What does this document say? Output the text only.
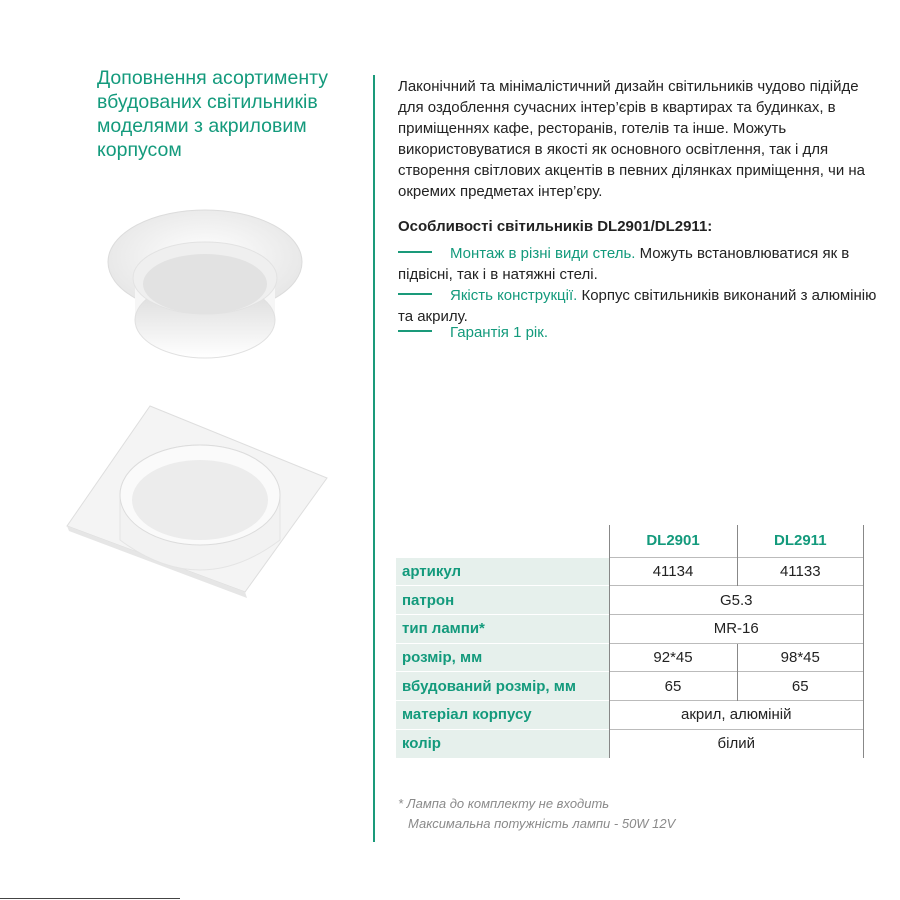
Доповнення асортименту вбудованих світильників моделями з акриловим корпусом
Лаконічний та мінімалістичний дизайн світильників чудово підійде для оздоблення сучасних інтер’єрів в квартирах та будинках, в приміщеннях кафе, ресторанів, готелів та інше. Можуть використовуватися в якості як основного освітлення, так і для створення світлових акцентів в певних ділянках приміщення, чи на окремих предметах інтер’єру.
Особливості світильників DL2901/DL2911:
Монтаж в різні види стель. Можуть встановлюватися як в підвісні, так і в натяжні стелі.
Якість конструкції. Корпус світильників виконаний з алюмінію та акрилу.
Гарантія 1 рік.
	DL2901	DL2911
артикул	41134	41133
патрон	G5.3	
тип лампи*	MR-16	
розмір, мм	92*45	98*45
вбудований розмір, мм	65	65
матеріал корпусу	акрил, алюміній	
колір	білий	
* Лампа до комплекту не входить
Максимальна потужність лампи - 50W 12V
